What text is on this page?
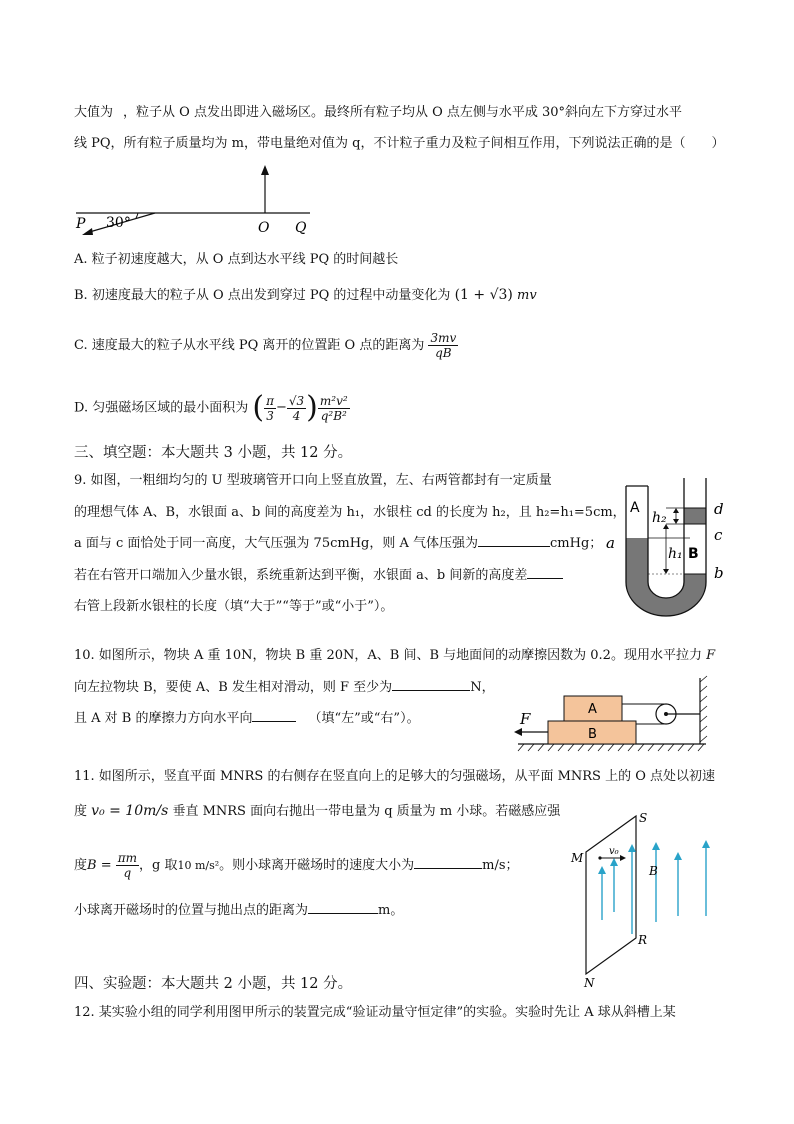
大值为 ，粒子从 O 点发出即进入磁场区。最终所有粒子均从 O 点左侧与水平成 30°斜向左下方穿过水平
线 PQ，所有粒子质量均为 m，带电量绝对值为 q，不计粒子重力及粒子间相互作用，下列说法正确的是（　　）
P 30°	O Q
A. 粒子初速度越大，从 O 点到达水平线 PQ 的时间越长
B. 初速度最大的粒子从 O 点出发到穿过 PQ 的过程中动量变化为 (1 + √3) mv
C. 速度最大的粒子从水平线 PQ 离开的位置距 O 点的距离为 $\frac{3mv}{qB}$
D. 匀强磁场区域的最小面积为 ( $\frac{\pi}{3} - \frac{√3}{4}$ ) $\frac{\text{m²v²}}{\text{q²B²}}$
三、填空题：本大题共 3 小题，共 12 分。
9. 如图，一粗细均匀的 U 型玻璃管开口向上竖直放置，左、右两管都封有一定质量
的理想气体 A、B，水银面 a、b 间的高度差为 h₁，水银柱 cd 的长度为 h₂，且 h₂=h₁=5cm，
a 面与 c 面恰处于同一高度，大气压强为 75cmHg，则 A 气体压强为	cmHg；
若在右管开口端加入少量水银，系统重新达到平衡，水银面 a、b 间新的高度差
右管上段新水银柱的长度（填“大于”“等于”或“小于”）。
A
B
h₂
h₁
a
d
c
b
10. 如图所示，物块 A 重 10N，物块 B 重 20N，A、B 间、B 与地面间的动摩擦因数为 0.2。现用水平拉力 F
向左拉物块 B，要使 A、B 发生相对滑动，则 F 至少为	N，
且 A 对 B 的摩擦力方向水平向	（填“左”或“右”）。
A
B
F
11. 如图所示，竖直平面 MNRS 的右侧存在竖直向上的足够大的匀强磁场，从平面 MNRS 上的 O 点处以初速
度 v₀ = 10m/s 垂直 MNRS 面向右抛出一带电量为 q 质量为 m 小球。若磁感应强
度$B = \frac{\pi m}{q}$ ，g 取10 m/s²。则小球离开磁场时的速度大小为	m/s；
小球离开磁场时的位置与抛出点的距离为	m。
S
M	v₀
B
R
N
四、实验题：本大题共 2 小题，共 12 分。
12. 某实验小组的同学利用图甲所示的装置完成“验证动量守恒定律”的实验。实验时先让 A 球从斜槽上某
